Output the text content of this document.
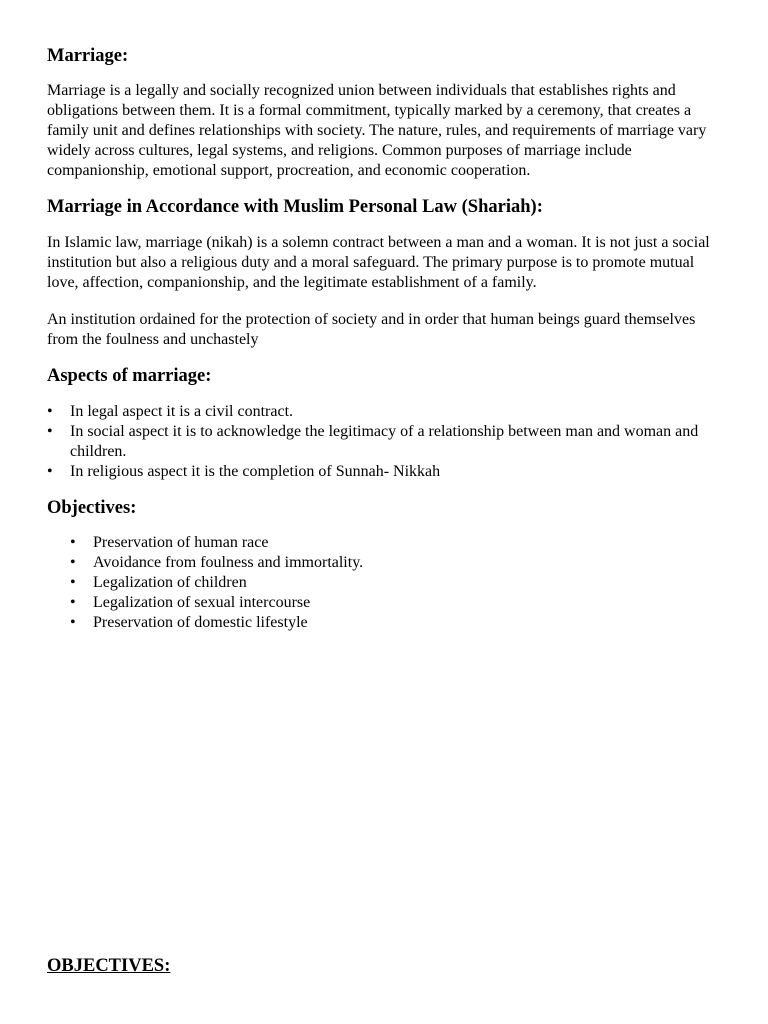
Marriage:

Marriage is a legally and socially recognized union between individuals that establishes rights and obligations between them. It is a formal commitment, typically marked by a ceremony, that creates a family unit and defines relationships with society. The nature, rules, and requirements of marriage vary widely across cultures, legal systems, and religions. Common purposes of marriage include companionship, emotional support, procreation, and economic cooperation.

Marriage in Accordance with Muslim Personal Law (Shariah):

In Islamic law, marriage (nikah) is a solemn contract between a man and a woman. It is not just a social institution but also a religious duty and a moral safeguard. The primary purpose is to promote mutual love, affection, companionship, and the legitimate establishment of a family.

An institution ordained for the protection of society and in order that human beings guard themselves from the foulness and unchastely

Aspects of marriage:
• In legal aspect it is a civil contract.
• In social aspect it is to acknowledge the legitimacy of a relationship between man and woman and children.
• In religious aspect it is the completion of Sunnah- Nikkah
Objectives:
• Preservation of human race
• Avoidance from foulness and immortality.
• Legalization of children
• Legalization of sexual intercourse
• Preservation of domestic lifestyle
OBJECTIVES:
